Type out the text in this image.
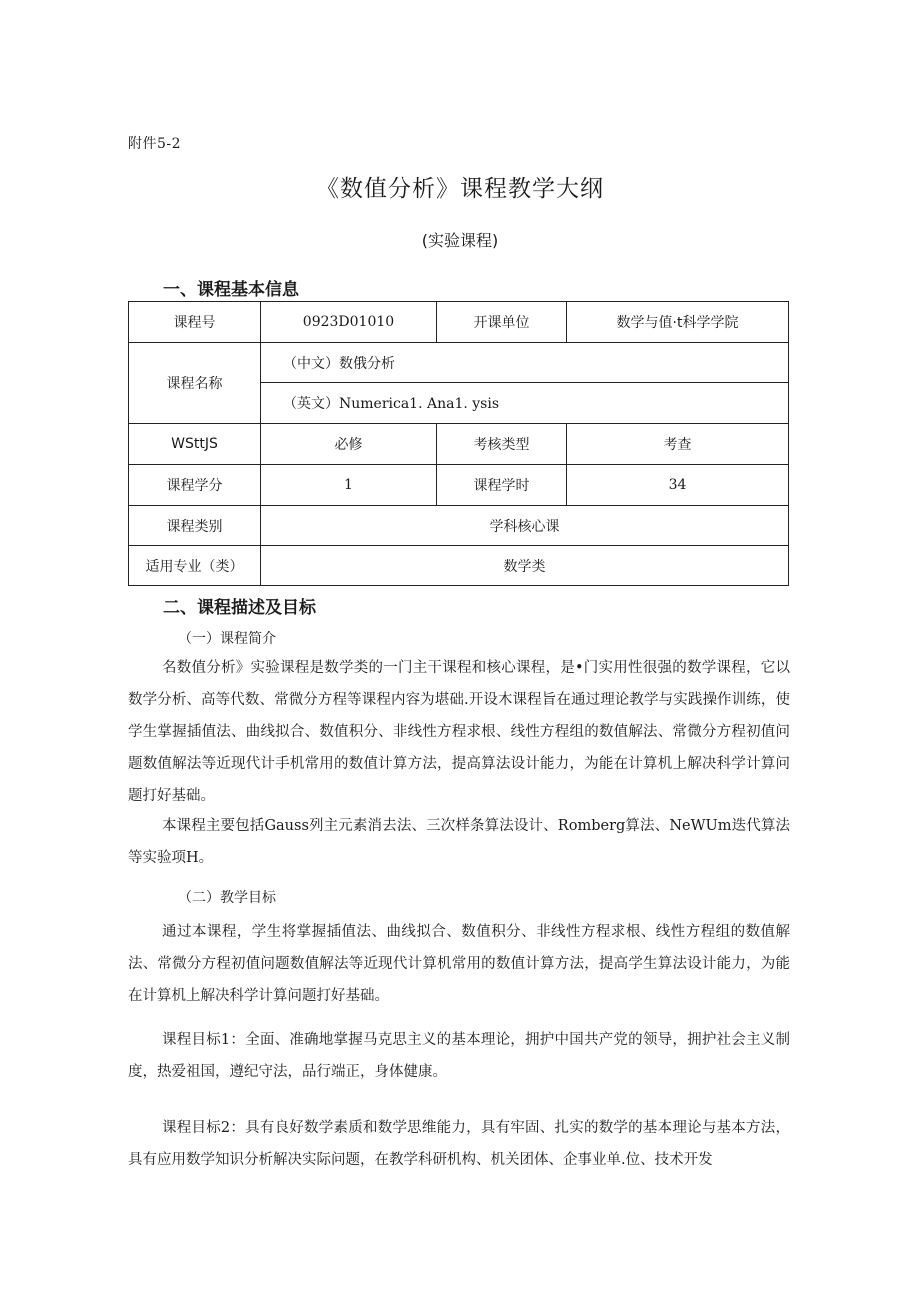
附件5-2
《数值分析》课程教学大纲
(实验课程)
一、课程基本信息
课程号	0923D01010	开课单位	数学与值·t科学学院
课程名称	（中文）数俄分析		
	（英文）Numerica1. Ana1. ysis		
WSttJS	必修	考核类型	考查
课程学分	1	课程学时	34
课程类别	学科核心课		
适用专业（类）	数学类		
二、课程描述及目标
（一）课程简介
名数值分析》实验课程是数学类的一门主干课程和核心课程，是•门实用性很强的数学课程，它以数学分析、高等代数、常微分方程等课程内容为堪础.开设木课程旨在通过理论教学与实践操作训练，使学生掌握插值法、曲线拟合、数值积分、非线性方程求根、线性方程组的数值解法、常微分方程初值问题数值解法等近现代计手机常用的数值计算方法，提高算法设计能力，为能在计算机上解决科学计算问题打好基础。
本课程主要包括Gauss列主元素消去法、三次样条算法设计、Romberg算法、NeWUm迭代算法等实验项H。
（二）教学目标
通过本课程，学生将掌握插值法、曲线拟合、数值积分、非线性方程求根、线性方程组的数值解法、常微分方程初值问题数值解法等近现代计算机常用的数值计算方法，提高学生算法设计能力，为能在计算机上解决科学计算问题打好基础。
课程目标1：全面、准确地掌握马克思主义的基本理论，拥护中国共产党的领导，拥护社会主义制度，热爱祖国，遵纪守法，品行端正，身体健康。
课程目标2：具有良好数学素质和数学思维能力，具有牢固、扎实的数学的基本理论与基本方法，具有应用数学知识分析解决实际问题，在教学科研机构、机关团体、企事业单.位、技术开发
